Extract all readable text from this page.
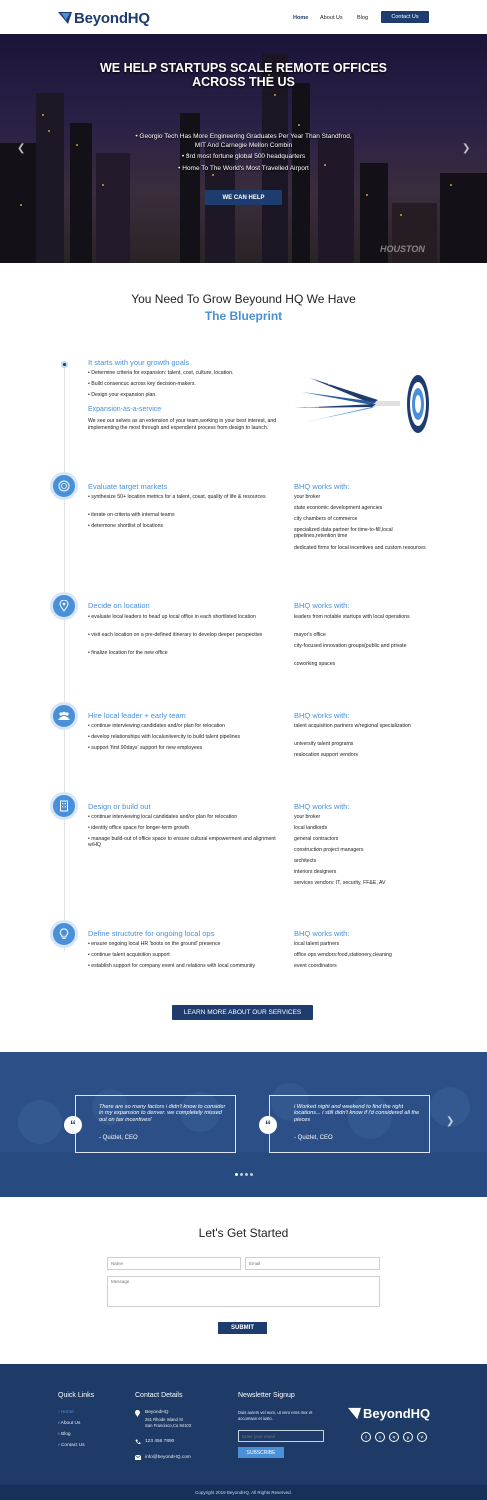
BeyondHQ	Home About Us	Blog	Contact Us
❮	❯
WE HELP STARTUPS SCALE REMOTE OFFICES
ACROSS THE US
• Georgio Tech Has More Engineering Graduates Per Year Than Standfrod,
MIT And Carnegie Mellon Combin
• 3rd most fortune global 500 headquarters
• Home To The World's Most Travelled Airport
WE CAN HELP
HOUSTON
You Need To Grow Beyound HQ We Have
The Blueprint
It starts with your growth goals
• Determine criteria for expansion: talent, cost, culture, location.
• Build consencuc across key decision-makers.
• Design your expansion plan.
Expansion-as-a-service
We see our selves as an extension of your team,working in your best interest, and implementing the most through and expendient process from design to launch.
Talent
Cost
Culture
Location
Evaluate target markets
• synthesize 50+ location metrics for a talent, coast, quality of life & resources
• iterate on criteria with internal teams
• determone shortlist of locations
BHQ works with:
your broker
state economic development agencies
city chambers of commerce
specialized data partner for time-to-fill,local pipelines,retention time
dedicated firms for local incentives and custom resources
Decide on location
• evaluate local leaders to head up local office in each shortlisted location
• visit each location on a pre-defined itinerary to develop deeper perspective
• finalize location for the new office
BHQ works with:
leaders from notable startups with local operations
mayor's office
city-focused innovation groups(public and private
coworking spaces
Hire local leader + early team
• continue interviewing candidates and/or plan for relocation
• develop relationships with localuniivercity to build talent pipelines
• support 'first 90days' support for new employees
BHQ works with:
talent acquisition partners w/regional specialization
university talent programs
realocation support vendors
Design or build out
• continue interviewing local candidates and/or plan for relocation
• identity office space for longer-term growth
• manage build-out of office space to ensure cultural empowerment and alignment w/HQ
BHQ works with:
your broker
local landlords
general contractors
construction project managers
architects
interiors designers
services vendors: IT, security, FF&E, AV
Define structutre for ongoing local ops
• ensure ongoing local HR 'boots on the ground' presence
• continue talent acquisition support
• establish support for company event and relations with local community
BHQ works with:
local talent partners
office ops vendors:food,stationery,cleaning
event coordinators
LEARN MORE ABOUT OUR SERVICES
“
There are so many factors i didn't know to consider in my expansion to denver. we completely missed out on tax incentives!
- Quizlet, CEO
“
i Worked night and weekend to find the right locations... i still didn't know if i'd considered all the pieces
- Quizlet, CEO
❯
Let's Get Started
Name
Email
Message
SUBMIT
Quick Links
› Home
› About Us
› Blog
› Contact Us
Contact Details
BeyondHQ
251 Rhode Island St
San Francisco,Ca 94103
123 456 7890
info@beyondHQ.com
Newsletter Signup
Duis autem vel eum, ut vero eros mor et accumsan et iusto.
Enter your email
SUBSCRIBE
BeyondHQ
f	t	ig	p	yt
Copyright 2019 BeyondHQ. All Rights Reserved.
